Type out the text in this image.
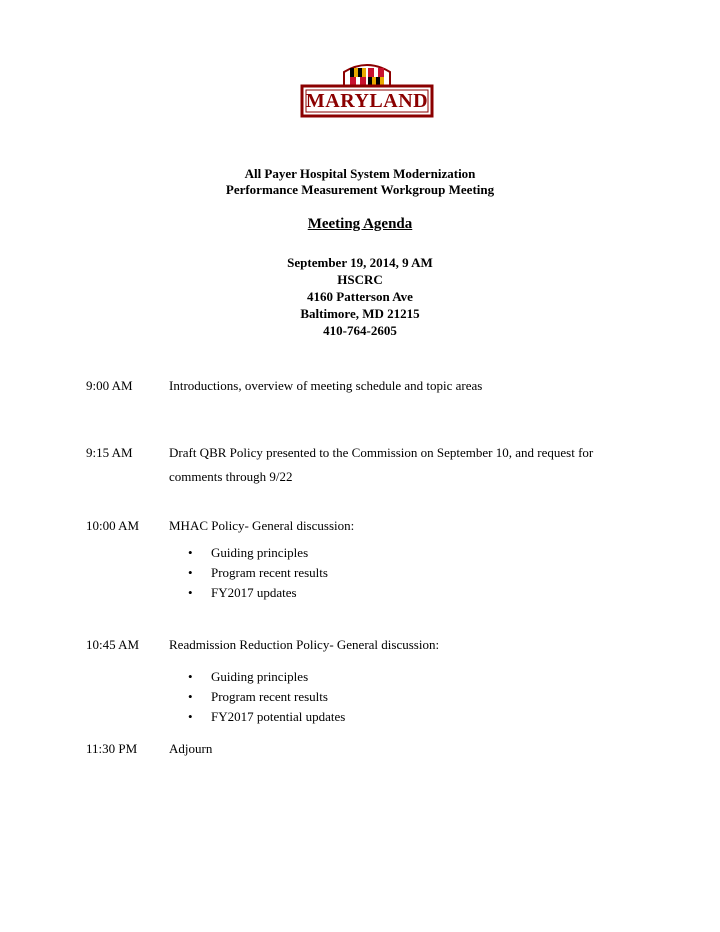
MARYLAND
All Payer Hospital System Modernization
Performance Measurement Workgroup Meeting
Meeting Agenda
September 19, 2014, 9 AM
HSCRC
4160 Patterson Ave
Baltimore, MD 21215
410-764-2605
9:00 AM	Introductions, overview of meeting schedule and topic areas
9:15 AM	Draft QBR Policy presented to the Commission on September 10, and request for comments through 9/22
10:00 AM	MHAC Policy- General discussion:
• Guiding principles
• Program recent results
• FY2017 updates
10:45 AM	Readmission Reduction Policy- General discussion:
• Guiding principles
• Program recent results
• FY2017 potential updates
11:30 PM	Adjourn
